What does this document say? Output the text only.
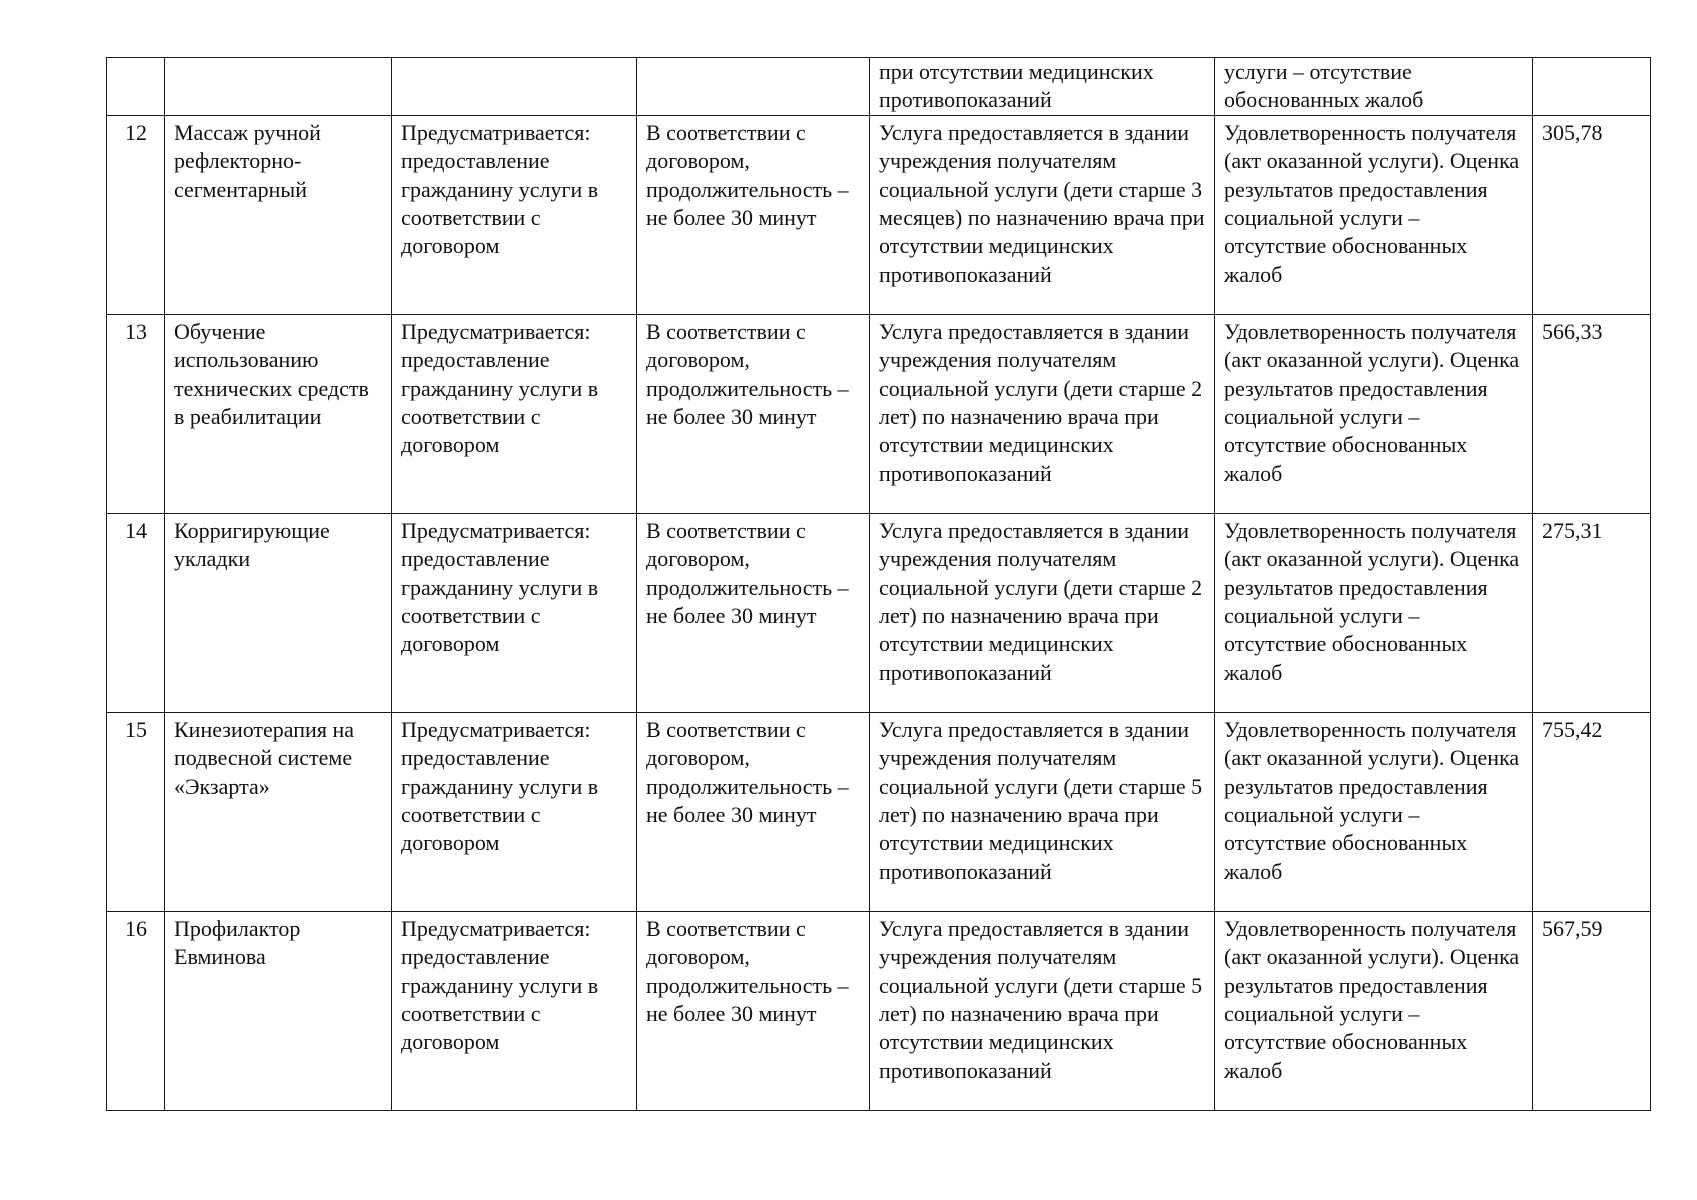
				при отсутствии медицинских противопоказаний	услуги – отсутствие обоснованных жалоб	
12	Массаж ручной рефлекторно-сегментарный	Предусматривается: предоставление гражданину услуги в соответствии с договором	В соответствии с договором, продолжительность – не более 30 минут	Услуга предоставляется в здании учреждения получателям социальной услуги (дети старше 3 месяцев) по назначению врача при отсутствии медицинских противопоказаний	Удовлетворенность получателя (акт оказанной услуги). Оценка результатов предоставления социальной услуги – отсутствие обоснованных жалоб	305,78
13	Обучение использованию технических средств в реабилитации	Предусматривается: предоставление гражданину услуги в соответствии с договором	В соответствии с договором, продолжительность – не более 30 минут	Услуга предоставляется в здании учреждения получателям социальной услуги (дети старше 2 лет) по назначению врача при отсутствии медицинских противопоказаний	Удовлетворенность получателя (акт оказанной услуги). Оценка результатов предоставления социальной услуги – отсутствие обоснованных жалоб	566,33
14	Корригирующие укладки	Предусматривается: предоставление гражданину услуги в соответствии с договором	В соответствии с договором, продолжительность – не более 30 минут	Услуга предоставляется в здании учреждения получателям социальной услуги (дети старше 2 лет) по назначению врача при отсутствии медицинских противопоказаний	Удовлетворенность получателя (акт оказанной услуги). Оценка результатов предоставления социальной услуги – отсутствие обоснованных жалоб	275,31
15	Кинезиотерапия на подвесной системе «Экзарта»	Предусматривается: предоставление гражданину услуги в соответствии с договором	В соответствии с договором, продолжительность – не более 30 минут	Услуга предоставляется в здании учреждения получателям социальной услуги (дети старше 5 лет) по назначению врача при отсутствии медицинских противопоказаний	Удовлетворенность получателя (акт оказанной услуги). Оценка результатов предоставления социальной услуги – отсутствие обоснованных жалоб	755,42
16	Профилактор Евминова	Предусматривается: предоставление гражданину услуги в соответствии с договором	В соответствии с договором, продолжительность – не более 30 минут	Услуга предоставляется в здании учреждения получателям социальной услуги (дети старше 5 лет) по назначению врача при отсутствии медицинских противопоказаний	Удовлетворенность получателя (акт оказанной услуги). Оценка результатов предоставления социальной услуги – отсутствие обоснованных жалоб	567,59
